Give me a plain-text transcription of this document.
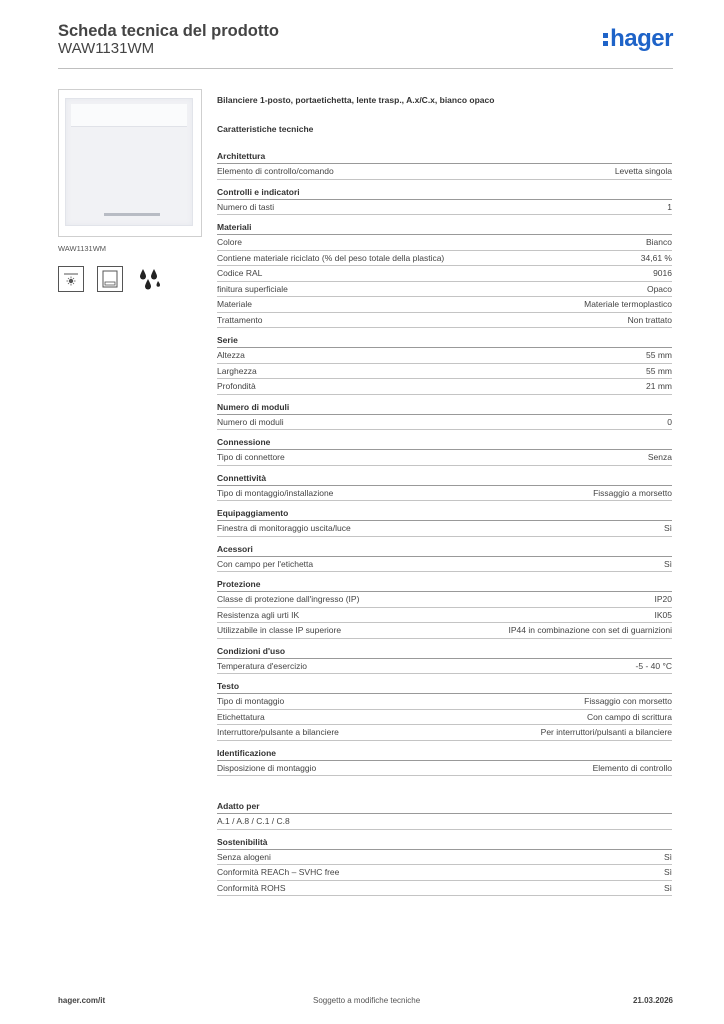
Scheda tecnica del prodotto
WAW1131WM	hager
WAW1131WM
Bilanciere 1-posto, portaetichetta, lente trasp., A.x/C.x, bianco opaco
Caratteristiche tecniche
Architettura
Elemento di controllo/comando	Levetta singola
Controlli e indicatori
Numero di tasti	1
Materiali
Colore	Bianco
Contiene materiale riciclato (% del peso totale della plastica)	34,61 %
Codice RAL	9016
finitura superficiale	Opaco
Materiale	Materiale termoplastico
Trattamento	Non trattato
Serie
Altezza	55 mm
Larghezza	55 mm
Profondità	21 mm
Numero di moduli
Numero di moduli	0
Connessione
Tipo di connettore	Senza
Connettività
Tipo di montaggio/installazione	Fissaggio a morsetto
Equipaggiamento
Finestra di monitoraggio uscita/luce	Sì
Acessori
Con campo per l'etichetta	Sì
Protezione
Classe di protezione dall'ingresso (IP)	IP20
Resistenza agli urti IK	IK05
Utilizzabile in classe IP superiore	IP44 in combinazione con set di guarnizioni
Condizioni d'uso
Temperatura d'esercizio	-5 - 40 °C
Testo
Tipo di montaggio	Fissaggio con morsetto
Etichettatura	Con campo di scrittura
Interruttore/pulsante a bilanciere	Per interruttori/pulsanti a bilanciere
Identificazione
Disposizione di montaggio	Elemento di controllo
Adatto per
A.1 / A.8 / C.1 / C.8
Sostenibilità
Senza alogeni	Sì
Conformità REACh – SVHC free	Sì
Conformità ROHS	Sì
hager.com/it	Soggetto a modifiche tecniche	21.03.2026
